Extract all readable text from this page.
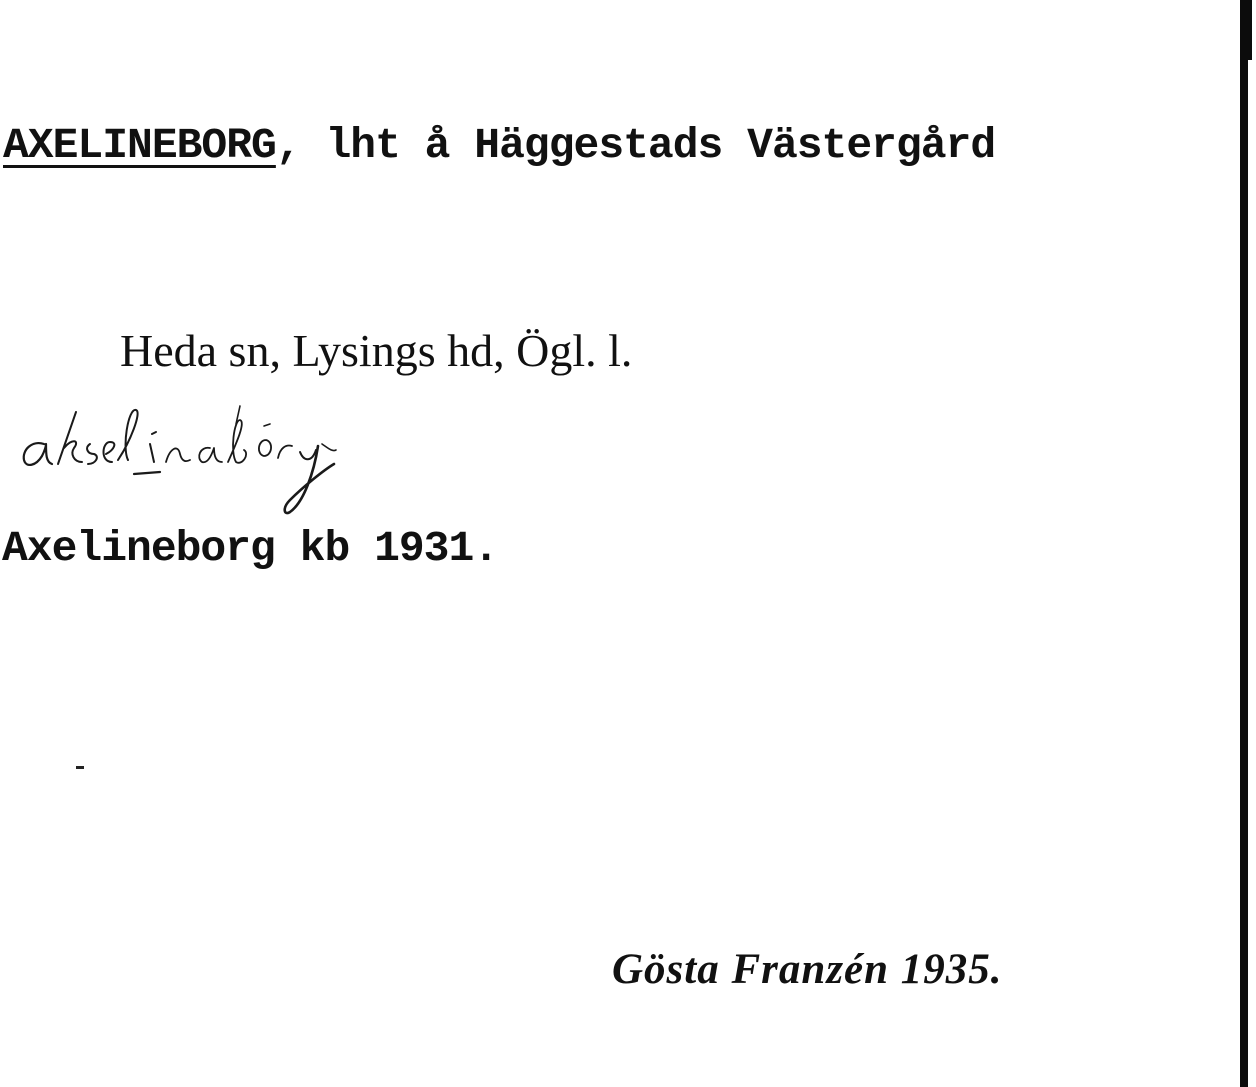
AXELINEBORG, lht å Häggestads Västergård
Heda sn, Lysings hd, Ögl. l.
Axelineborg kb 1931.
Gösta Franzén 1935.
